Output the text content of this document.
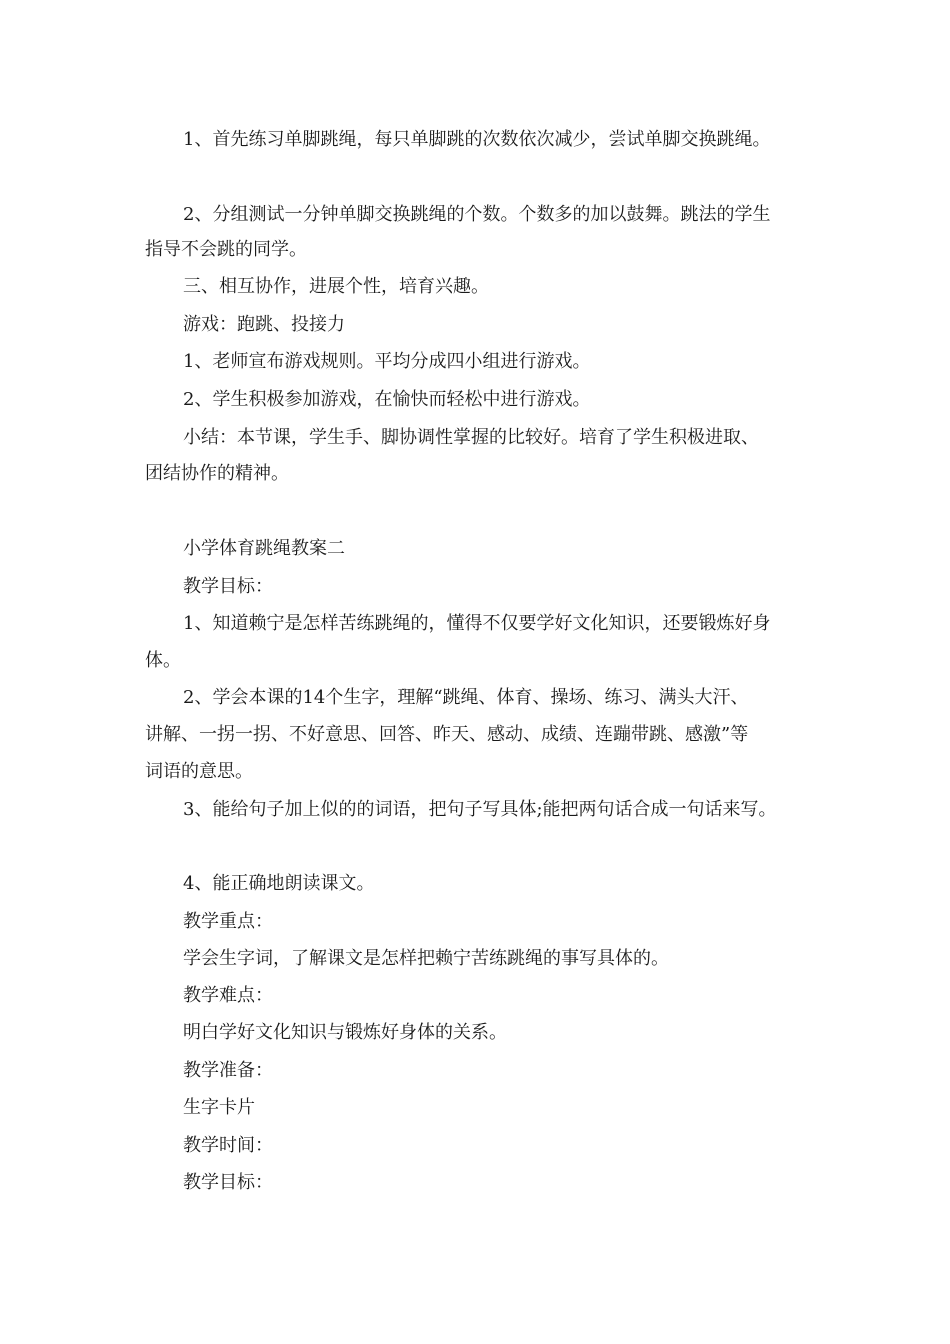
1、首先练习单脚跳绳，每只单脚跳的次数依次减少，尝试单脚交换跳绳。
2、分组测试一分钟单脚交换跳绳的个数。个数多的加以鼓舞。跳法的学生
指导不会跳的同学。
三、相互协作，进展个性，培育兴趣。
游戏：跑跳、投接力
1、老师宣布游戏规则。平均分成四小组进行游戏。
2、学生积极参加游戏，在愉快而轻松中进行游戏。
小结：本节课，学生手、脚协调性掌握的比较好。培育了学生积极进取、
团结协作的精神。
小学体育跳绳教案二
教学目标：
1、知道赖宁是怎样苦练跳绳的，懂得不仅要学好文化知识，还要锻炼好身
体。
2、学会本课的14个生字，理解“跳绳、体育、操场、练习、满头大汗、
讲解、一拐一拐、不好意思、回答、昨天、感动、成绩、连蹦带跳、感激”等
词语的意思。
3、能给句子加上似的的词语，把句子写具体;能把两句话合成一句话来写。
4、能正确地朗读课文。
教学重点：
学会生字词，了解课文是怎样把赖宁苦练跳绳的事写具体的。
教学难点：
明白学好文化知识与锻炼好身体的关系。
教学准备：
生字卡片
教学时间：
教学目标：
